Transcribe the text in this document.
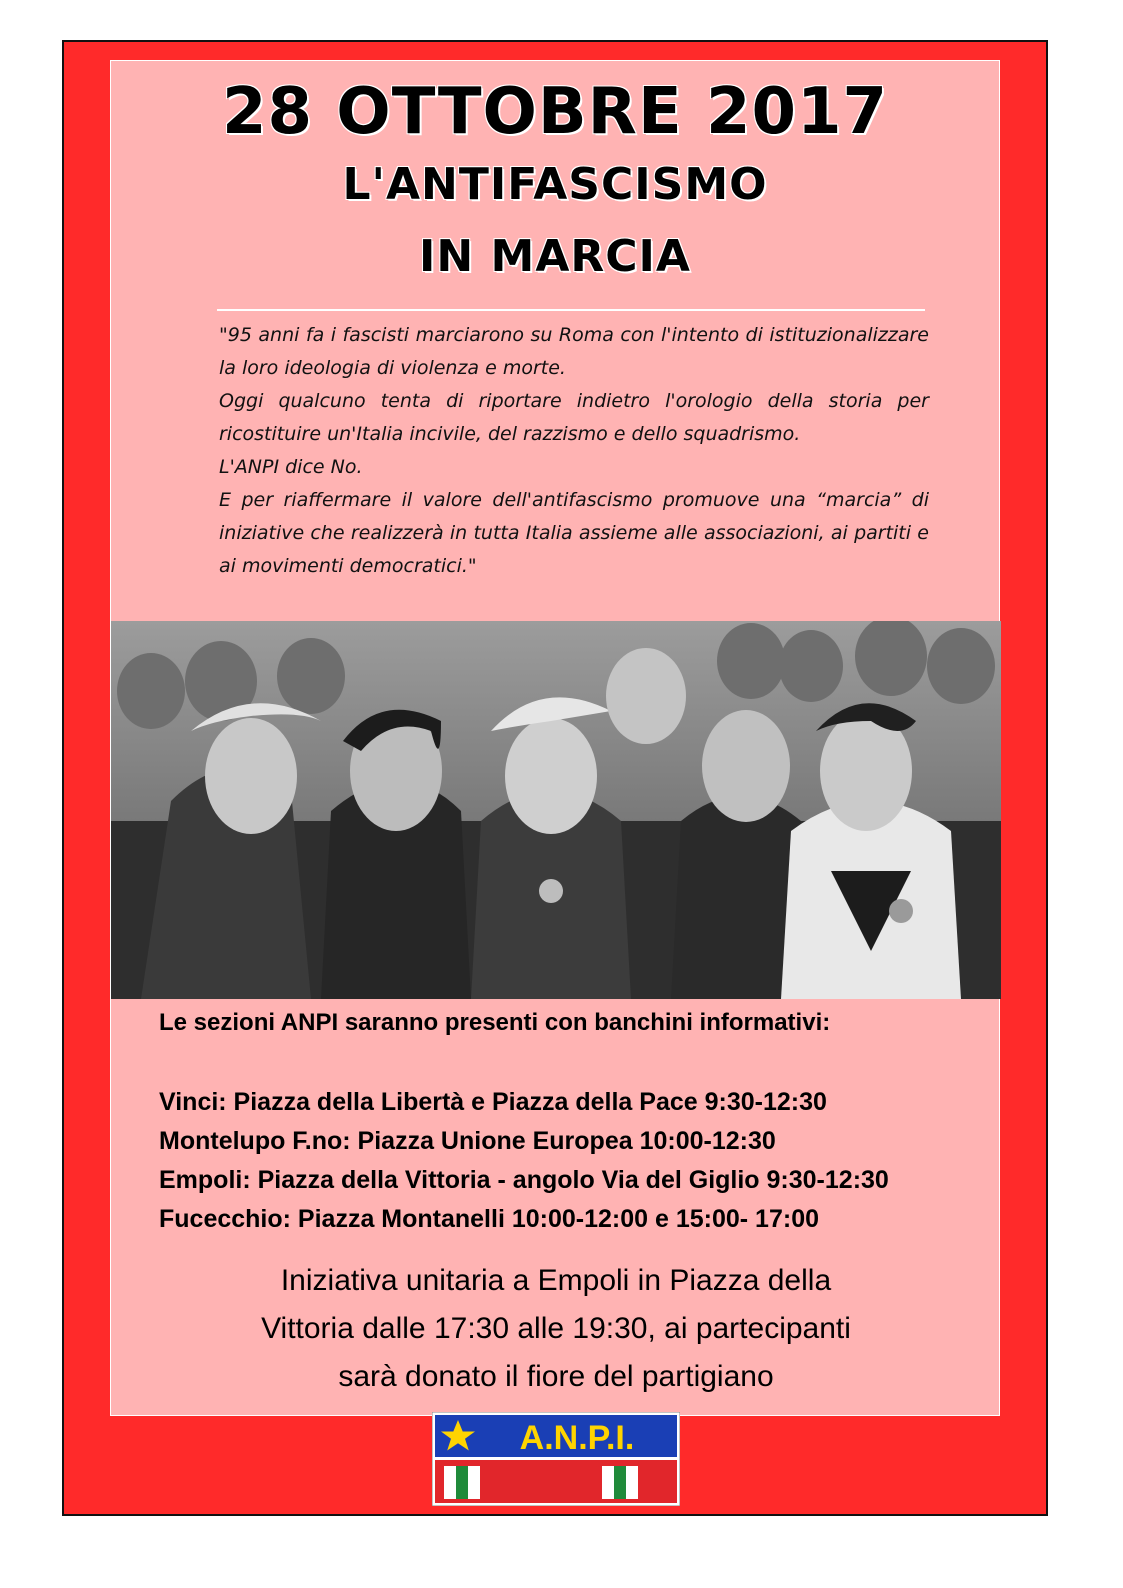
28 OTTOBRE 2017
L'ANTIFASCISMO
IN MARCIA

"95 anni fa i fascisti marciarono su Roma con l'intento di istituzionalizzare la loro ideologia di violenza e morte.
Oggi qualcuno tenta di riportare indietro l'orologio della storia per ricostituire un'Italia incivile, del razzismo e dello squadrismo.
L'ANPI dice No.
E per riaffermare il valore dell'antifascismo promuove una “marcia” di iniziative che realizzerà in tutta Italia assieme alle associazioni, ai partiti e ai movimenti democratici."

Le sezioni ANPI saranno presenti con banchini informativi:
Vinci: Piazza della Libertà e Piazza della Pace 9:30-12:30
Montelupo F.no: Piazza Unione Europea 10:00-12:30
Empoli: Piazza della Vittoria - angolo Via del Giglio 9:30-12:30
Fucecchio: Piazza Montanelli 10:00-12:00 e 15:00- 17:00
Iniziativa unitaria a Empoli in Piazza della
Vittoria dalle 17:30 alle 19:30, ai partecipanti
sarà donato il fiore del partigiano
A.N.P.I.
